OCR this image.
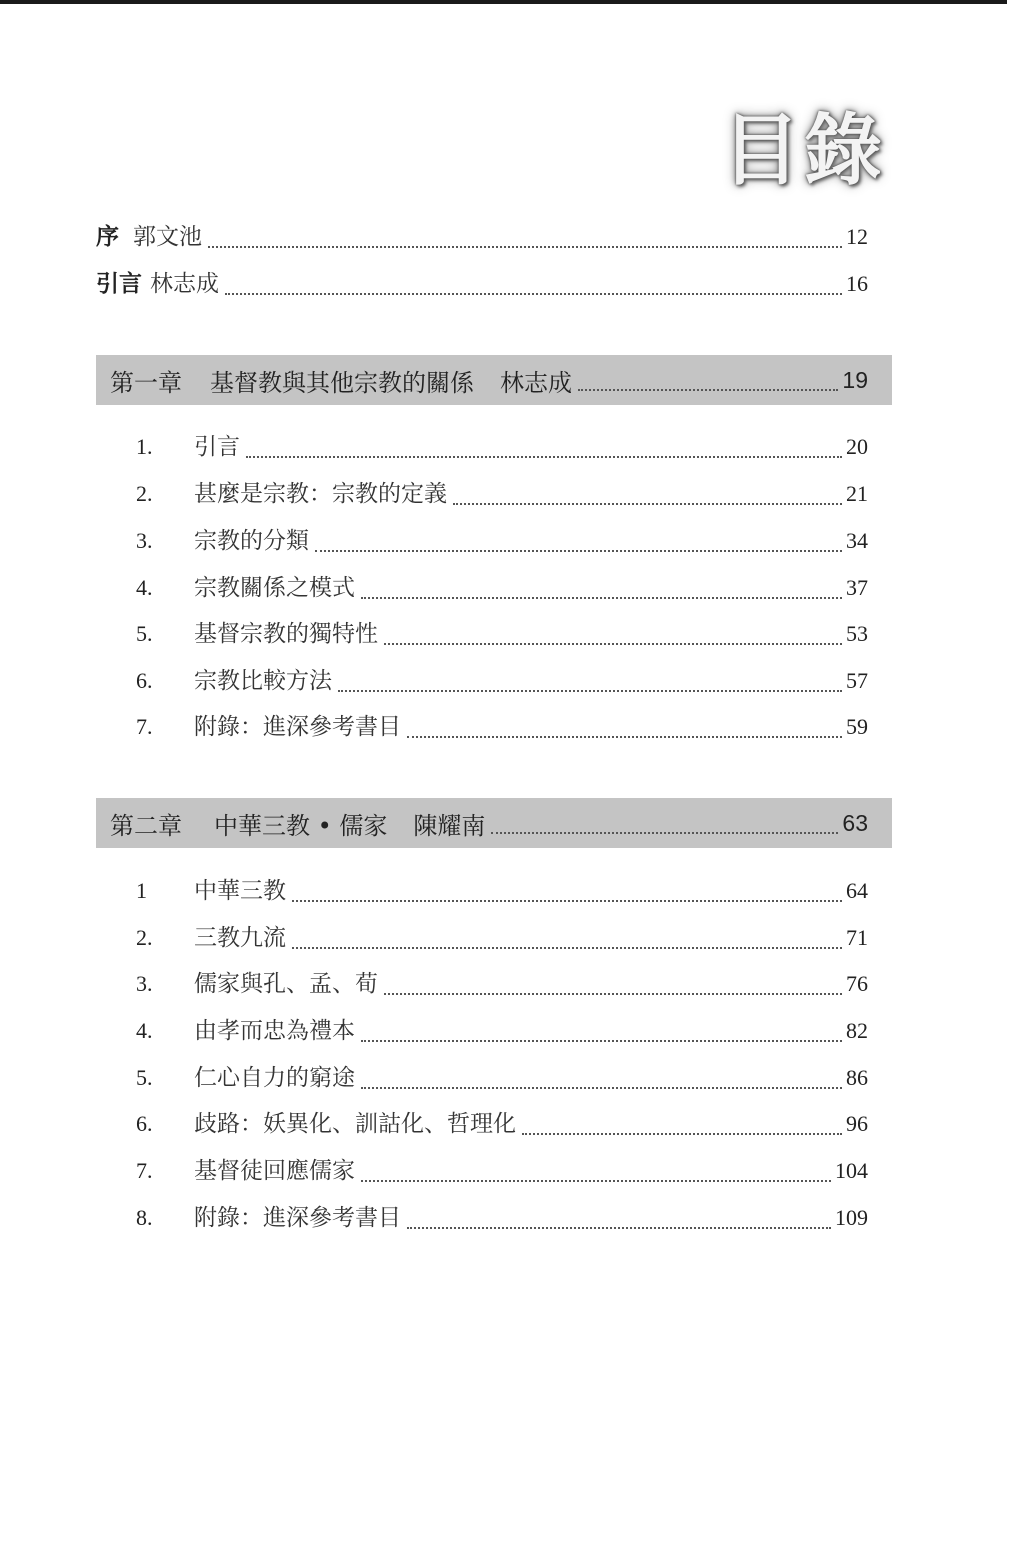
目錄
序 郭文池	12
引言 林志成	16
第一章 基督教與其他宗教的關係 林志成	19
1.	引言	20
2.	甚麼是宗教：宗教的定義	21
3.	宗教的分類	34
4.	宗教關係之模式	37
5.	基督宗教的獨特性	53
6.	宗教比較方法	57
7.	附錄：進深參考書目	59
第二章 中華三教 • 儒家 陳耀南	63
1	中華三教	64
2.	三教九流	71
3.	儒家與孔、孟、荀	76
4.	由孝而忠為禮本	82
5.	仁心自力的窮途	86
6.	歧路：妖異化、訓詁化、哲理化	96
7.	基督徒回應儒家	104
8.	附錄：進深參考書目	109
